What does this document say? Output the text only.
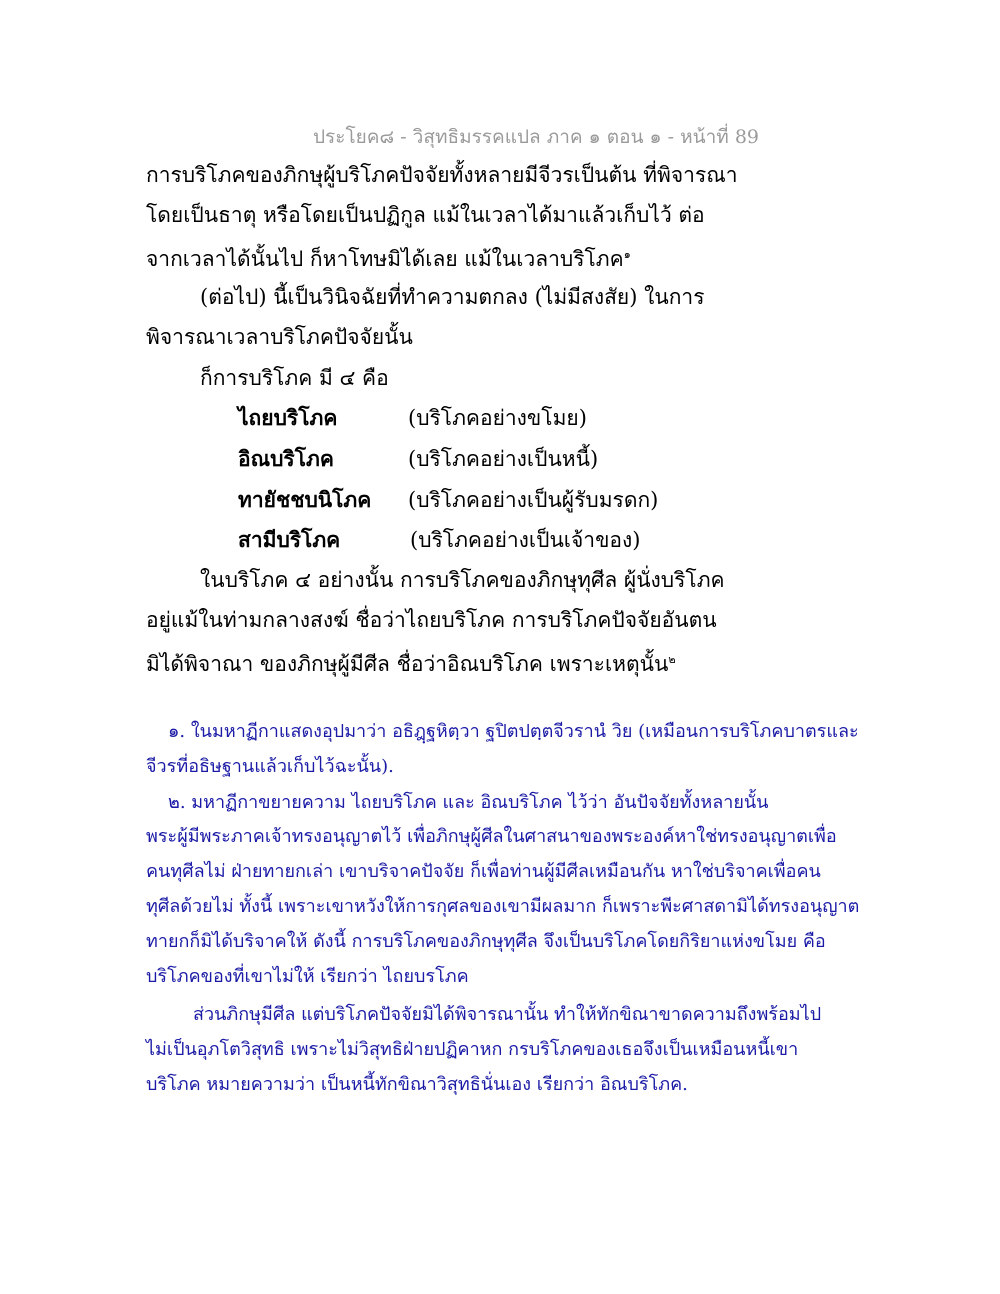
ประโยค๘ - วิสุทธิมรรคแปล ภาค ๑ ตอน ๑ - หน้าที่ 89
การบริโภคของภิกษุผู้บริโภคปัจจัยทั้งหลายมีจีวรเป็นต้น ที่พิจารณา
โดยเป็นธาตุ หรือโดยเป็นปฏิกูล แม้ในเวลาได้มาแล้วเก็บไว้ ต่อ
จากเวลาได้นั้นไป ก็หาโทษมิได้เลย แม้ในเวลาบริโภค$^๑$
(ต่อไป) นี้เป็นวินิจฉัยที่ทำความตกลง (ไม่มีสงสัย) ในการ
พิจารณาเวลาบริโภคปัจจัยนั้น
ก็การบริโภค มี ๔ คือ
ไถยบริโภค	(บริโภคอย่างขโมย)
อิณบริโภค	(บริโภคอย่างเป็นหนี้)
ทายัชชบนิโภค (บริโภคอย่างเป็นผู้รับมรดก)
สามีบริโภค	(บริโภคอย่างเป็นเจ้าของ)
ในบริโภค ๔ อย่างนั้น การบริโภคของภิกษุทุศีล ผู้นั่งบริโภค
อยู่แม้ในท่ามกลางสงฆ์ ชื่อว่าไถยบริโภค การบริโภคปัจจัยอันตน
มิได้พิจาณา ของภิกษุผู้มีศีล ชื่อว่าอิณบริโภค เพราะเหตุนั้น$^๒$
๑. ในมหาฏีกาแสดงอุปมาว่า อธิฎฺฐหิตฺวา ฐปิตปตฺตจีวรานํ วิย (เหมือนการบริโภคบาตรและ
จีวรที่อธิษฐานแล้วเก็บไว้ฉะนั้น).
๒. มหาฏีกาขยายความ ไถยบริโภค และ อิณบริโภค ไว้ว่า อันปัจจัยทั้งหลายนั้น
พระผู้มีพระภาคเจ้าทรงอนุญาตไว้ เพื่อภิกษุผู้ศีลในศาสนาของพระองค์หาใช่ทรงอนุญาตเพื่อ
คนทุศีลไม่ ฝ่ายทายกเล่า เขาบริจาคปัจจัย ก็เพื่อท่านผู้มีศีลเหมือนกัน หาใช่บริจาคเพื่อคน
ทุศีลด้วยไม่ ทั้งนี้ เพราะเขาหวังให้การกุศลของเขามีผลมาก ก็เพราะพีะศาสดามิได้ทรงอนุญาต
ทายกก็มิได้บริจาคให้ ดังนี้ การบริโภคของภิกษุทุศีล จึงเป็นบริโภคโดยกิริยาแห่งขโมย คือ
บริโภคของที่เขาไม่ให้ เรียกว่า ไถยบรโภค
ส่วนภิกษุมีศีล แต่บริโภคปัจจัยมิได้พิจารณานั้น ทำให้ทักขิณาขาดความถึงพร้อมไป
ไม่เป็นอุภโตวิสุทธิ เพราะไม่วิสุทธิฝ่ายปฏิคาหก กรบริโภคของเธอจึงเป็นเหมือนหนี้เขา
บริโภค หมายความว่า เป็นหนี้ทักขิณาวิสุทธินั่นเอง เรียกว่า อิณบริโภค.
